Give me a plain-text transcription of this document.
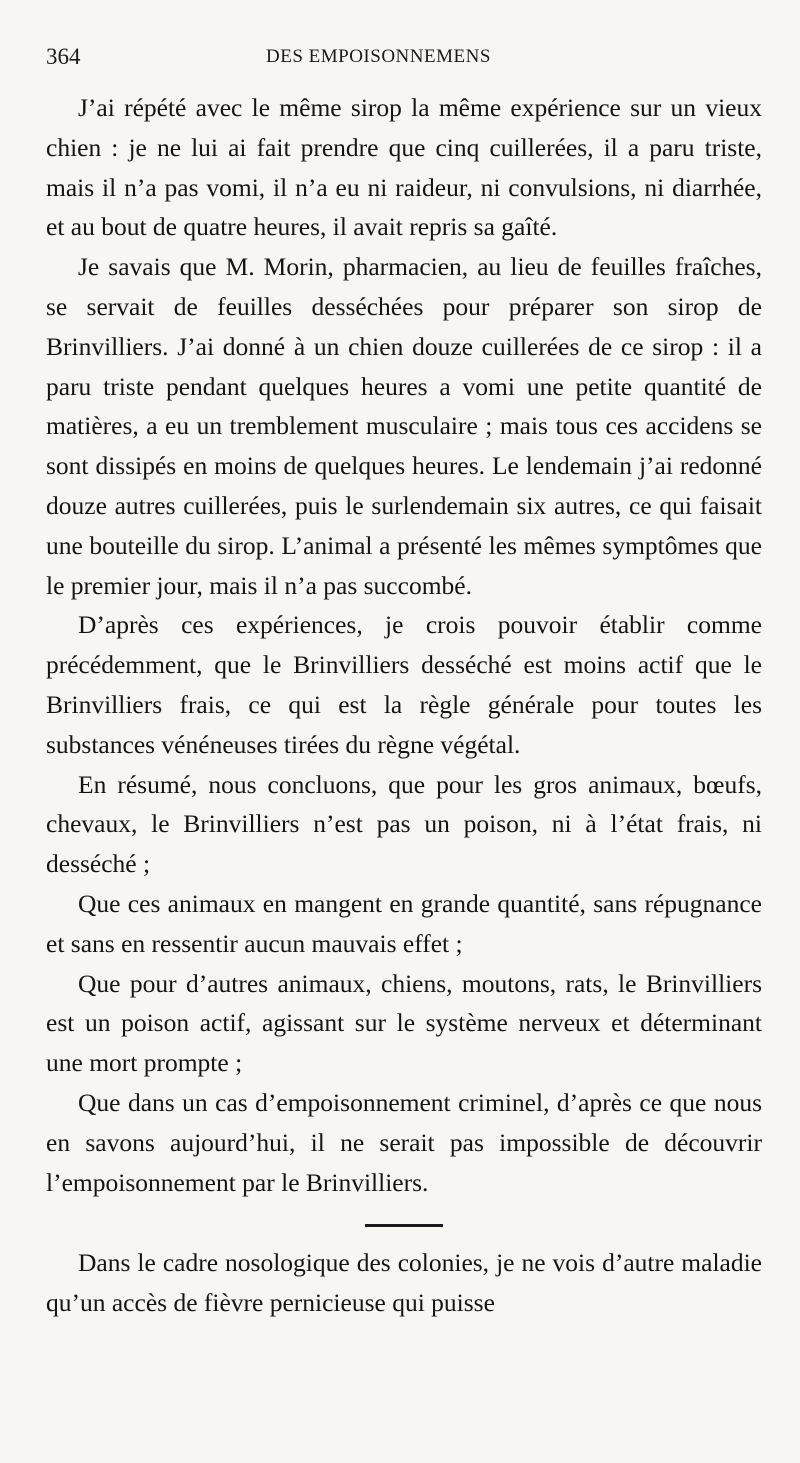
364	DES EMPOISONNEMENS

J’ai répété avec le même sirop la même expérience sur un vieux chien : je ne lui ai fait prendre que cinq cuillerées, il a paru triste, mais il n’a pas vomi, il n’a eu ni raideur, ni convulsions, ni diarrhée, et au bout de quatre heures, il avait repris sa gaîté.

Je savais que M. Morin, pharmacien, au lieu de feuilles fraîches, se servait de feuilles desséchées pour préparer son sirop de Brinvilliers. J’ai donné à un chien douze cuillerées de ce sirop : il a paru triste pendant quelques heures a vomi une petite quantité de matières, a eu un tremblement musculaire ; mais tous ces accidens se sont dissipés en moins de quelques heures. Le lendemain j’ai redonné douze autres cuillerées, puis le surlendemain six autres, ce qui faisait une bouteille du sirop. L’animal a présenté les mêmes symptômes que le premier jour, mais il n’a pas succombé.

D’après ces expériences, je crois pouvoir établir comme précédemment, que le Brinvilliers desséché est moins actif que le Brinvilliers frais, ce qui est la règle générale pour toutes les substances vénéneuses tirées du règne végétal.

En résumé, nous concluons, que pour les gros animaux, bœufs, chevaux, le Brinvilliers n’est pas un poison, ni à l’état frais, ni desséché ;

Que ces animaux en mangent en grande quantité, sans répugnance et sans en ressentir aucun mauvais effet ;

Que pour d’autres animaux, chiens, moutons, rats, le Brinvilliers est un poison actif, agissant sur le système nerveux et déterminant une mort prompte ;

Que dans un cas d’empoisonnement criminel, d’après ce que nous en savons aujourd’hui, il ne serait pas impossible de découvrir l’empoisonnement par le Brinvilliers.

Dans le cadre nosologique des colonies, je ne vois d’autre maladie qu’un accès de fièvre pernicieuse qui puisse
